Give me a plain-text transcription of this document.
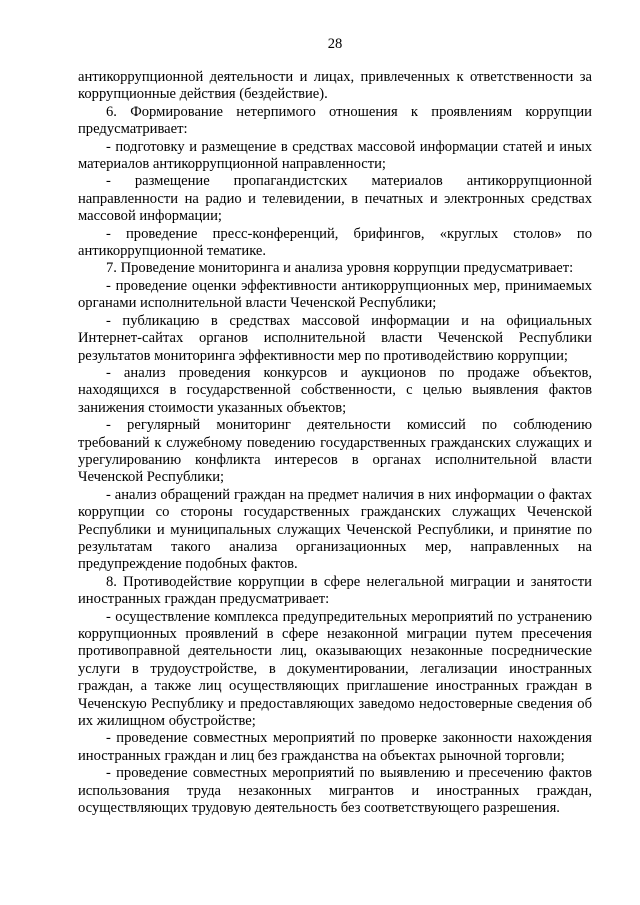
28

антикоррупционной деятельности и лицах, привлеченных к ответственности за коррупционные действия (бездействие).

6. Формирование нетерпимого отношения к проявлениям коррупции предусматривает:

- подготовку и размещение в средствах массовой информации статей и иных материалов антикоррупционной направленности;

- размещение пропагандистских материалов антикоррупционной направленности на радио и телевидении, в печатных и электронных средствах массовой информации;

- проведение пресс-конференций, брифингов, «круглых столов» по антикоррупционной тематике.

7. Проведение мониторинга и анализа уровня коррупции предусматривает:

- проведение оценки эффективности антикоррупционных мер, принимаемых органами исполнительной власти Чеченской Республики;

- публикацию в средствах массовой информации и на официальных Интернет-сайтах органов исполнительной власти Чеченской Республики результатов мониторинга эффективности мер по противодействию коррупции;

- анализ проведения конкурсов и аукционов по продаже объектов, находящихся в государственной собственности, с целью выявления фактов занижения стоимости указанных объектов;

- регулярный мониторинг деятельности комиссий по соблюдению требований к служебному поведению государственных гражданских служащих и урегулированию конфликта интересов в органах исполнительной власти Чеченской Республики;

- анализ обращений граждан на предмет наличия в них информации о фактах коррупции со стороны государственных гражданских служащих Чеченской Республики и муниципальных служащих Чеченской Республики, и принятие по результатам такого анализа организационных мер, направленных на предупреждение подобных фактов.

8. Противодействие коррупции в сфере нелегальной миграции и занятости иностранных граждан предусматривает:

- осуществление комплекса предупредительных мероприятий по устранению коррупционных проявлений в сфере незаконной миграции путем пресечения противоправной деятельности лиц, оказывающих незаконные посреднические услуги в трудоустройстве, в документировании, легализации иностранных граждан, а также лиц осуществляющих приглашение иностранных граждан в Чеченскую Республику и предоставляющих заведомо недостоверные сведения об их жилищном обустройстве;

- проведение совместных мероприятий по проверке законности нахождения иностранных граждан и лиц без гражданства на объектах рыночной торговли;

- проведение совместных мероприятий по выявлению и пресечению фактов использования труда незаконных мигрантов и иностранных граждан, осуществляющих трудовую деятельность без соответствующего разрешения.
